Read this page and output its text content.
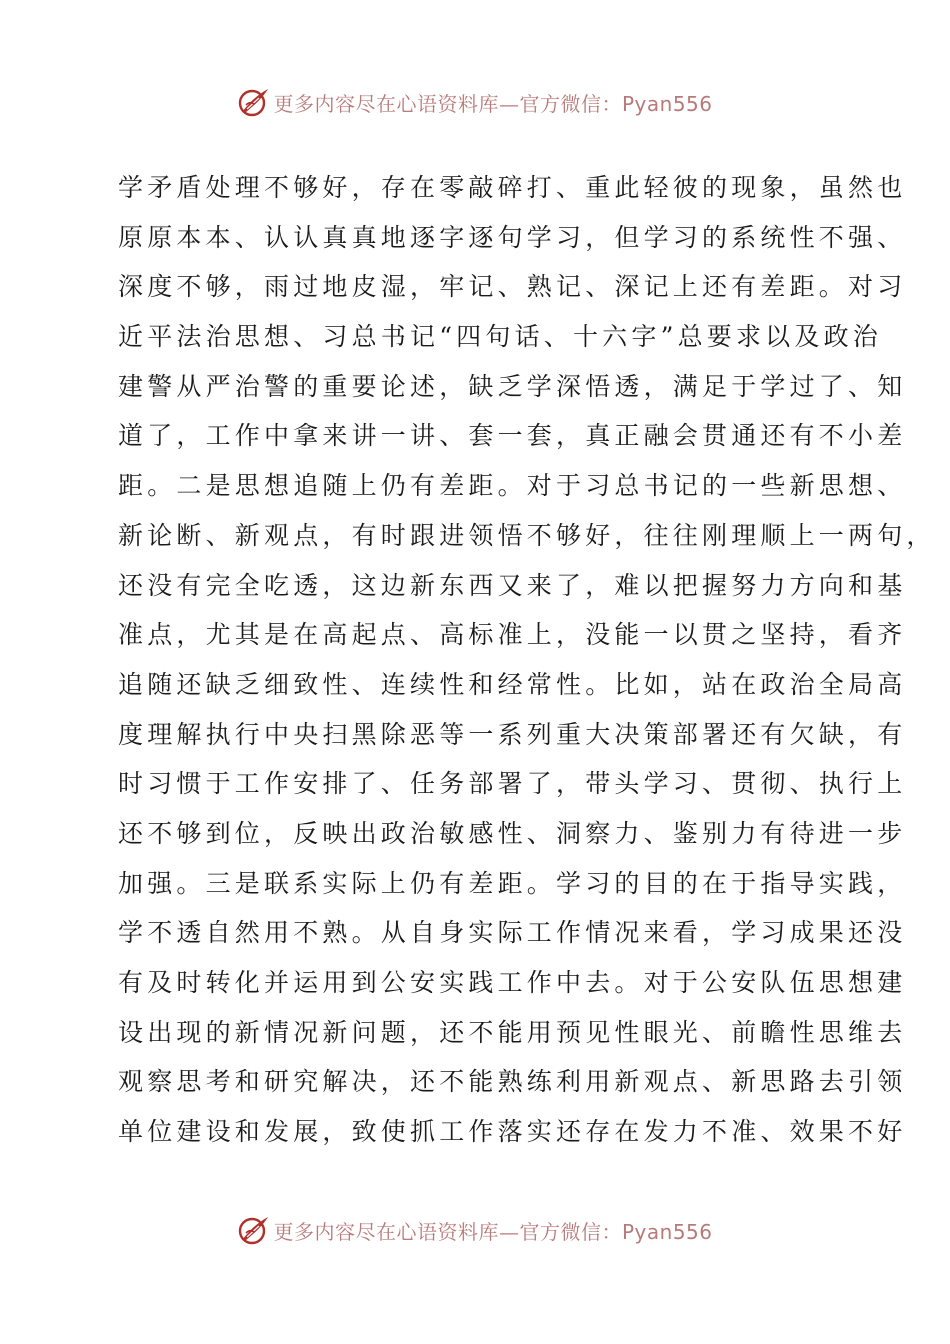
更多内容尽在心语资料库—官方微信：Pyan556
学矛盾处理不够好，存在零敲碎打、重此轻彼的现象，虽然也
原原本本、认认真真地逐字逐句学习，但学习的系统性不强、
深度不够，雨过地皮湿，牢记、熟记、深记上还有差距。对习
近平法治思想、习总书记“四句话、十六字”总要求以及政治
建警从严治警的重要论述，缺乏学深悟透，满足于学过了、知
道了，工作中拿来讲一讲、套一套，真正融会贯通还有不小差
距。二是思想追随上仍有差距。对于习总书记的一些新思想、
新论断、新观点，有时跟进领悟不够好，往往刚理顺上一两句，
还没有完全吃透，这边新东西又来了，难以把握努力方向和基
准点，尤其是在高起点、高标准上，没能一以贯之坚持，看齐
追随还缺乏细致性、连续性和经常性。比如，站在政治全局高
度理解执行中央扫黑除恶等一系列重大决策部署还有欠缺，有
时习惯于工作安排了、任务部署了，带头学习、贯彻、执行上
还不够到位，反映出政治敏感性、洞察力、鉴别力有待进一步
加强。三是联系实际上仍有差距。学习的目的在于指导实践，
学不透自然用不熟。从自身实际工作情况来看，学习成果还没
有及时转化并运用到公安实践工作中去。对于公安队伍思想建
设出现的新情况新问题，还不能用预见性眼光、前瞻性思维去
观察思考和研究解决，还不能熟练利用新观点、新思路去引领
单位建设和发展，致使抓工作落实还存在发力不准、效果不好
更多内容尽在心语资料库—官方微信：Pyan556
